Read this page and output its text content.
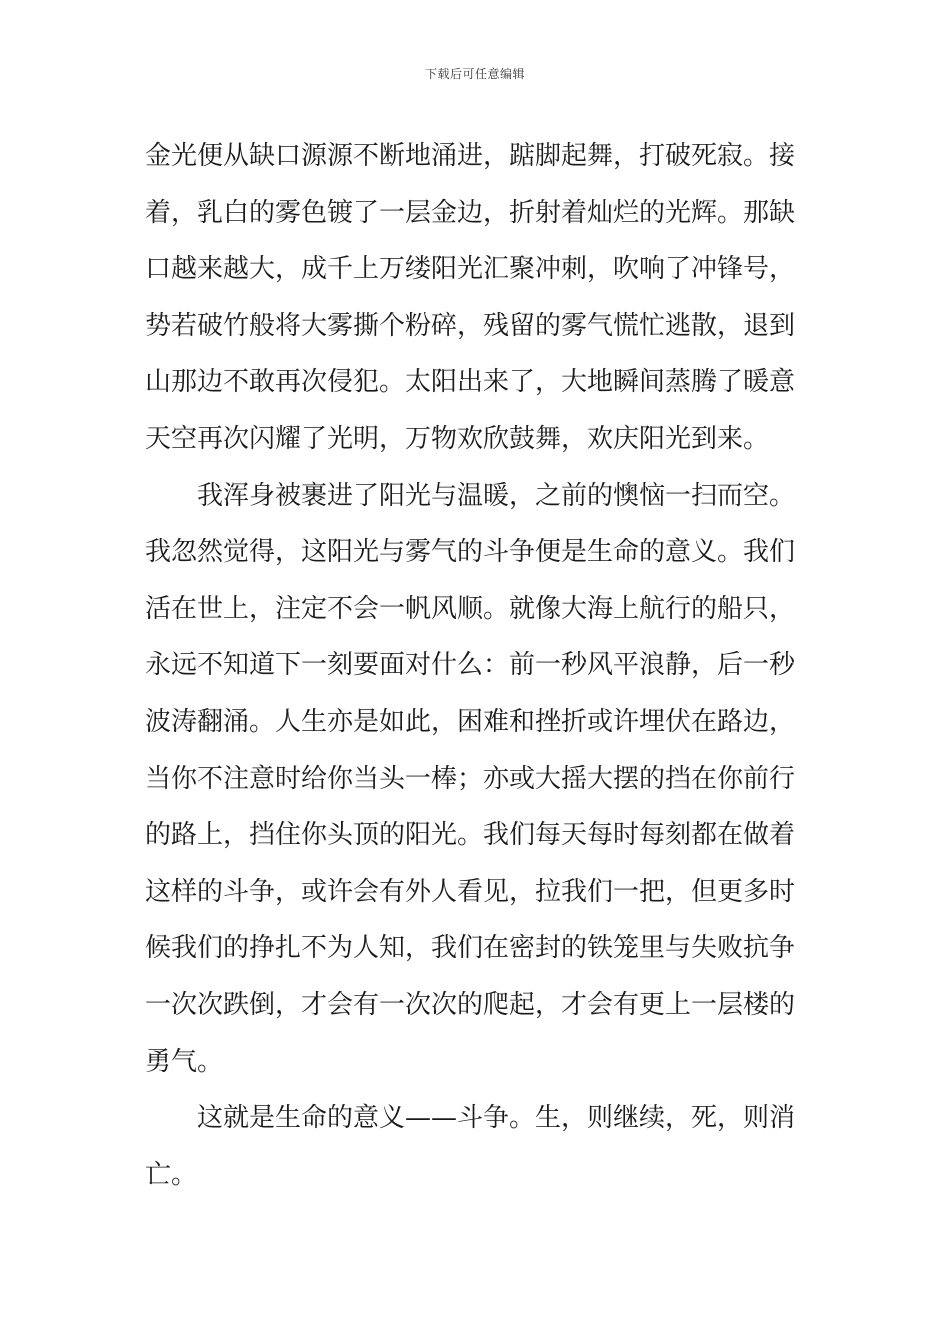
下载后可任意编辑
金光便从缺口源源不断地涌进，踮脚起舞，打破死寂。接
着，乳白的雾色镀了一层金边，折射着灿烂的光辉。那缺
口越来越大，成千上万缕阳光汇聚冲刺，吹响了冲锋号，
势若破竹般将大雾撕个粉碎，残留的雾气慌忙逃散，退到
山那边不敢再次侵犯。太阳出来了，大地瞬间蒸腾了暖意
天空再次闪耀了光明，万物欢欣鼓舞，欢庆阳光到来。
我浑身被裹进了阳光与温暖，之前的懊恼一扫而空。
我忽然觉得，这阳光与雾气的斗争便是生命的意义。我们
活在世上，注定不会一帆风顺。就像大海上航行的船只，
永远不知道下一刻要面对什么：前一秒风平浪静，后一秒
波涛翻涌。人生亦是如此，困难和挫折或许埋伏在路边，
当你不注意时给你当头一棒；亦或大摇大摆的挡在你前行
的路上，挡住你头顶的阳光。我们每天每时每刻都在做着
这样的斗争，或许会有外人看见，拉我们一把，但更多时
候我们的挣扎不为人知，我们在密封的铁笼里与失败抗争
一次次跌倒，才会有一次次的爬起，才会有更上一层楼的
勇气。
这就是生命的意义——斗争。生，则继续，死，则消
亡。
